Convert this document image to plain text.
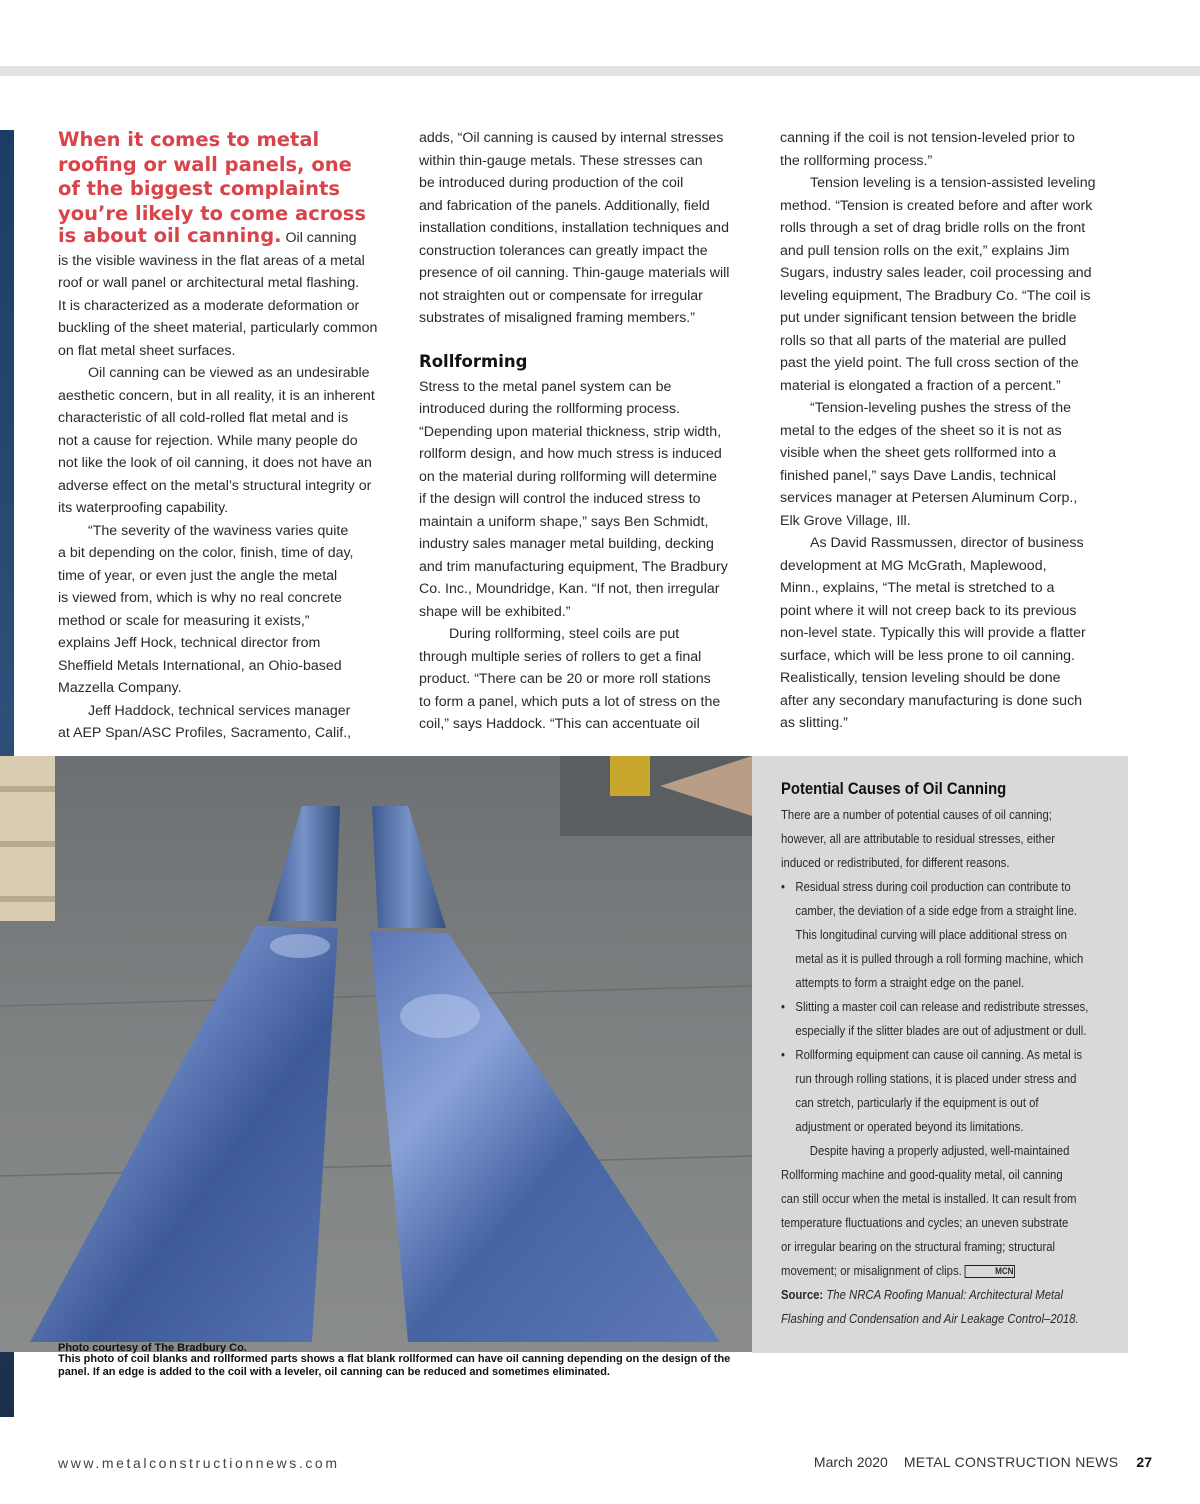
When it comes to metal
roofing or wall panels, one
of the biggest complaints
you’re likely to come across
is about oil canning. Oil canning

is the visible waviness in the flat areas of a metal
roof or wall panel or architectural metal flashing.
It is characterized as a moderate deformation or
buckling of the sheet material, particularly common
on flat metal sheet surfaces.

Oil canning can be viewed as an undesirable
aesthetic concern, but in all reality, it is an inherent
characteristic of all cold-rolled flat metal and is
not a cause for rejection. While many people do
not like the look of oil canning, it does not have an
adverse effect on the metal’s structural integrity or
its waterproofing capability.

“The severity of the waviness varies quite
a bit depending on the color, finish, time of day,
time of year, or even just the angle the metal
is viewed from, which is why no real concrete
method or scale for measuring it exists,”
explains Jeff Hock, technical director from
Sheffield Metals International, an Ohio-based
Mazzella Company.

Jeff Haddock, technical services manager
at AEP Span/ASC Profiles, Sacramento, Calif.,

adds, “Oil canning is caused by internal stresses
within thin-gauge metals. These stresses can
be introduced during production of the coil
and fabrication of the panels. Additionally, field
installation conditions, installation techniques and
construction tolerances can greatly impact the
presence of oil canning. Thin-gauge materials will
not straighten out or compensate for irregular
substrates of misaligned framing members.”

Rollforming

Stress to the metal panel system can be
introduced during the rollforming process.
“Depending upon material thickness, strip width,
rollform design, and how much stress is induced
on the material during rollforming will determine
if the design will control the induced stress to
maintain a uniform shape,” says Ben Schmidt,
industry sales manager metal building, decking
and trim manufacturing equipment, The Bradbury
Co. Inc., Moundridge, Kan. “If not, then irregular
shape will be exhibited.”

During rollforming, steel coils are put
through multiple series of rollers to get a final
product. “There can be 20 or more roll stations
to form a panel, which puts a lot of stress on the
coil,” says Haddock. “This can accentuate oil

canning if the coil is not tension-leveled prior to
the rollforming process.”

Tension leveling is a tension-assisted leveling
method. “Tension is created before and after work
rolls through a set of drag bridle rolls on the front
and pull tension rolls on the exit,” explains Jim
Sugars, industry sales leader, coil processing and
leveling equipment, The Bradbury Co. “The coil is
put under significant tension between the bridle
rolls so that all parts of the material are pulled
past the yield point. The full cross section of the
material is elongated a fraction of a percent.”

“Tension-leveling pushes the stress of the
metal to the edges of the sheet so it is not as
visible when the sheet gets rollformed into a
finished panel,” says Dave Landis, technical
services manager at Petersen Aluminum Corp.,
Elk Grove Village, Ill.

As David Rassmussen, director of business
development at MG McGrath, Maplewood,
Minn., explains, “The metal is stretched to a
point where it will not creep back to its previous
non-level state. Typically this will provide a flatter
surface, which will be less prone to oil canning.
Realistically, tension leveling should be done
after any secondary manufacturing is done such
as slitting.”

Photo courtesy of The Bradbury Co.
This photo of coil blanks and rollformed parts shows a flat blank rollformed can have oil canning depending on the design of the panel. If an edge is added to the coil with a leveler, oil canning can be reduced and sometimes eliminated.
Potential Causes of Oil Canning

There are a number of potential causes of oil canning;
however, all are attributable to residual stresses, either
induced or redistributed, for different reasons.

• Residual stress during coil production can contribute to
camber, the deviation of a side edge from a straight line.
This longitudinal curving will place additional stress on
metal as it is pulled through a roll forming machine, which
attempts to form a straight edge on the panel.
• Slitting a master coil can release and redistribute stresses,
especially if the slitter blades are out of adjustment or dull.
• Rollforming equipment can cause oil canning. As metal is
run through rolling stations, it is placed under stress and
can stretch, particularly if the equipment is out of
adjustment or operated beyond its limitations.

Despite having a properly adjusted, well-maintained
Rollforming machine and good-quality metal, oil canning
can still occur when the metal is installed. It can result from
temperature fluctuations and cycles; an uneven substrate
or irregular bearing on the structural framing; structural
movement; or misalignment of clips.	MCN

Source: The NRCA Roofing Manual: Architectural Metal
Flashing and Condensation and Air Leakage Control–2018.

www.metalconstructionnews.com	March 2020 METAL CONSTRUCTION NEWS 27
